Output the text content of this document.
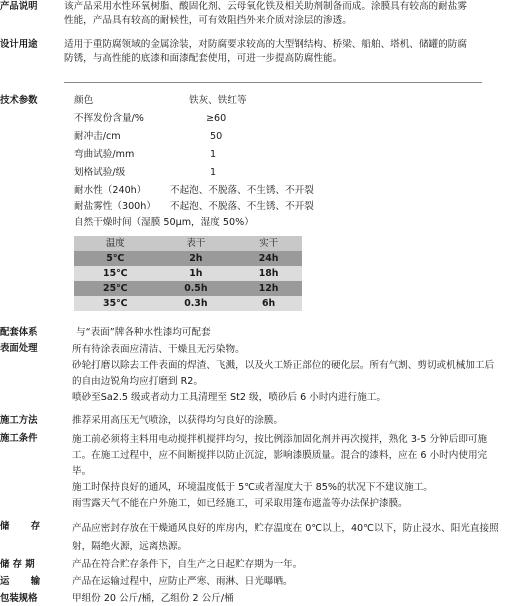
产品说明	该产品采用水性环氧树脂、酸固化剂、云母氧化铁及相关助剂制备而成。涂膜具有较高的耐盐雾
性能，产品具有较高的耐候性，可有效阻挡外来介质对涂层的渗透。
设计用途	适用于重防腐领域的金属涂装，对防腐要求较高的大型钢结构、桥梁、船舶、塔机、储罐的防腐
防锈，与高性能的底漆和面漆配套使用，可进一步提高防腐性能。
技术参数	颜色	铁灰、铁红等
不挥发份含量/%	≥60
耐冲击/cm	50
弯曲试验/mm	1
划格试验/级	1
耐水性（240h） 不起泡、不脱落、不生锈、不开裂
耐盐雾性（300h） 不起泡、不脱落、不生锈、不开裂
自然干燥时间（湿膜 50μm，湿度 50%）
温度	表干	实干
5℃	2h	24h
15℃	1h	18h
25℃	0.5h	12h
35℃	0.3h	6h
配套体系	与“表面”牌各种水性漆均可配套
表面处理	所有待涂表面应清洁、干燥且无污染物。
砂轮打磨以除去工件表面的焊渣、飞溅，以及火工矫正部位的硬化层。所有气割、剪切或机械加工后
的自由边锐角均应打磨到 R2。
喷砂至Sa2.5 级或者动力工具清理至 St2 级，喷砂后 6 小时内进行施工。
施工方法	推荐采用高压无气喷涂，以获得均匀良好的涂膜。
施工条件	施工前必须将主料用电动搅拌机搅拌均匀，按比例添加固化剂并再次搅拌，熟化 3-5 分钟后即可施
工。在施工过程中，应不间断搅拌以防止沉淀，影响漆膜质量。混合的漆料，应在 6 小时内使用完
毕。
施工时保持良好的通风，环境温度低于 5℃或者湿度大于 85%的状况下不建议施工。
雨雪露天气不能在户外施工，如已经施工，可采取用篷布遮盖等办法保护漆膜。
储　存	产品应密封存放在干燥通风良好的库房内，贮存温度在 0℃以上，40℃以下，防止浸水、阳光直接照
射，隔绝火源，远离热源。
储 存 期	产品在符合贮存条件下，自生产之日起贮存期为一年。
运　输	产品在运输过程中，应防止严寒、雨淋、日光曝晒。
包装规格	甲组份 20 公斤/桶，乙组份 2 公斤/桶
